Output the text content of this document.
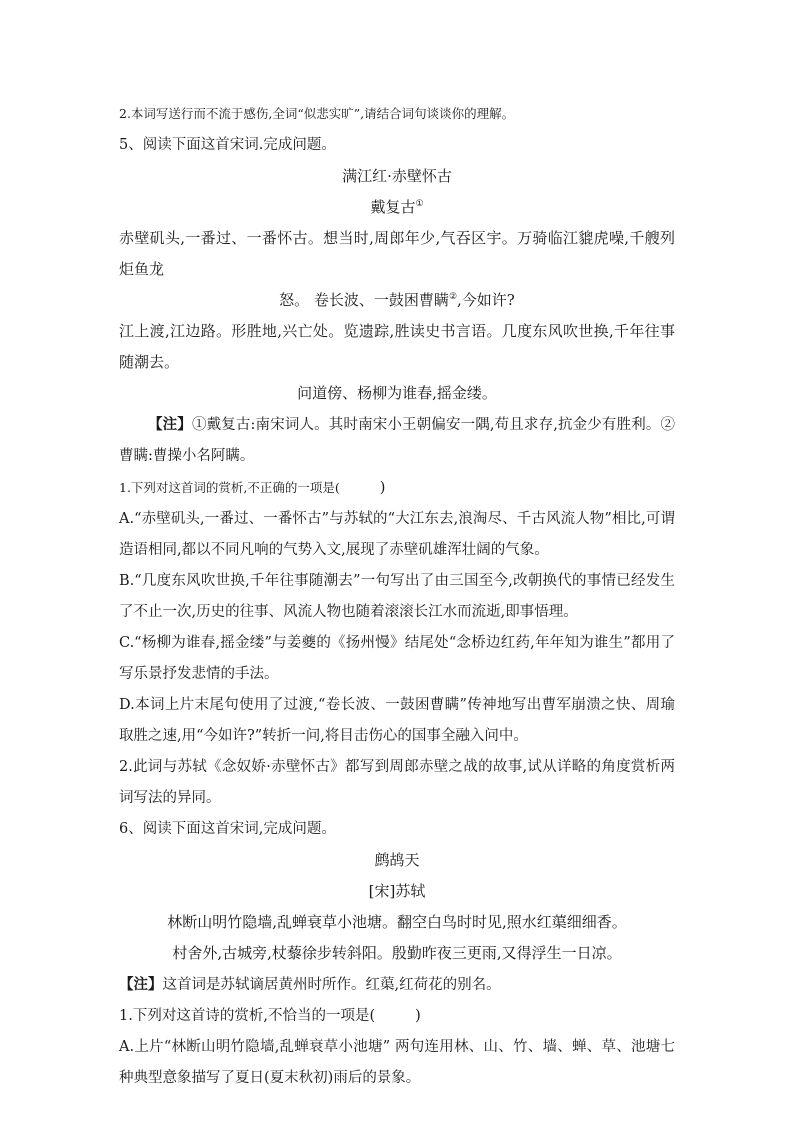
2.本词写送行而不流于感伤,全词“似悲实旷”,请结合词句谈谈你的理解。

5、阅读下面这首宋词.完成问题。

满江红·赤壁怀古

戴复古①

赤壁矶头,一番过、一番怀古。想当时,周郎年少,气吞区宇。万骑临江貔虎噪,千艘列炬鱼龙

怒。 卷长波、一鼓困曹瞒②,今如许?

江上渡,江边路。形胜地,兴亡处。览遗踪,胜读史书言语。几度东风吹世换,千年往事随潮去。

问道傍、杨柳为谁春,摇金缕。

【注】①戴复古:南宋词人。其时南宋小王朝偏安一隅,苟且求存,抗金少有胜利。②曹瞒:曹操小名阿瞒。

1.下列对这首词的赏析,不正确的一项是(	)

A.“赤壁矶头,一番过、一番怀古”与苏轼的“大江东去,浪淘尽、千古风流人物”相比,可谓造语相同,都以不同凡响的气势入文,展现了赤壁矶雄浑壮阔的气象。

B.“几度东风吹世换,千年往事随潮去”一句写出了由三国至今,改朝换代的事情已经发生了不止一次,历史的往事、风流人物也随着滚滚长江水而流逝,即事悟理。

C.“杨柳为谁春,摇金缕”与姜夔的《扬州慢》结尾处“念桥边红药,年年知为谁生”都用了写乐景抒发悲情的手法。

D.本词上片末尾句使用了过渡,“卷长波、一鼓困曹瞒”传神地写出曹军崩溃之快、周瑜取胜之速,用“今如许?”转折一问,将目击伤心的国事全融入问中。

2.此词与苏轼《念奴娇·赤壁怀古》都写到周郎赤壁之战的故事,试从详略的角度赏析两词写法的异同。

6、阅读下面这首宋词,完成问题。

鹧鸪天

[宋]苏轼

林断山明竹隐墙,乱蝉衰草小池塘。翻空白鸟时时见,照水红蕖细细香。

村舍外,古城旁,杖藜徐步转斜阳。殷勤昨夜三更雨,又得浮生一日凉。

【注】这首词是苏轼谪居黄州时所作。红蕖,红荷花的别名。

1.下列对这首诗的赏析,不恰当的一项是(	)

A.上片“林断山明竹隐墙,乱蝉衰草小池塘” 两句连用林、山、竹、墙、蝉、草、池塘七种典型意象描写了夏日(夏末秋初)雨后的景象。
